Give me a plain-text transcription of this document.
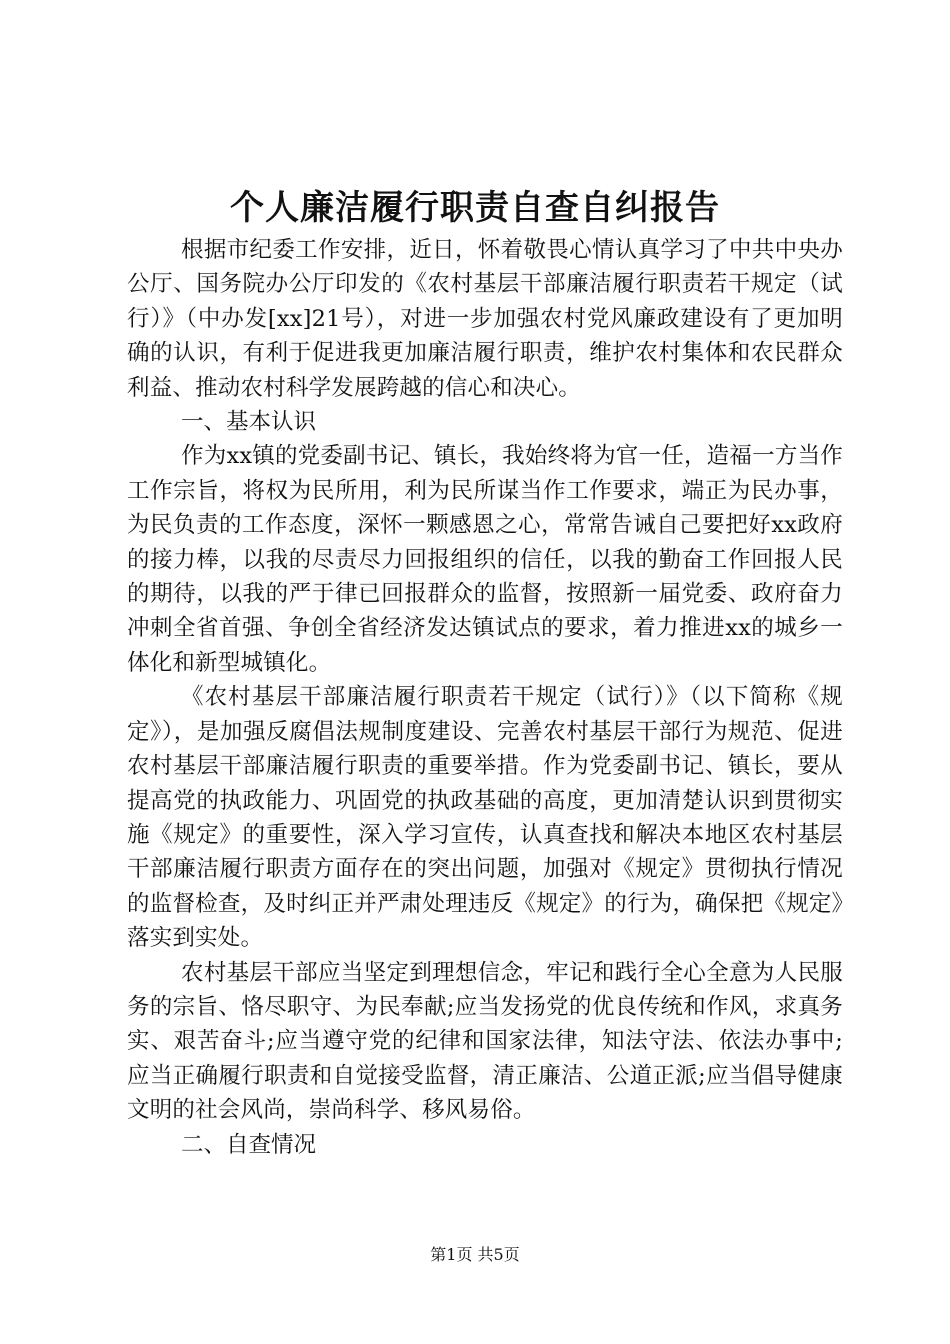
个人廉洁履行职责自查自纠报告

根据市纪委工作安排，近日，怀着敬畏心情认真学习了中共中央办公厅、国务院办公厅印发的《农村基层干部廉洁履行职责若干规定（试行）》（中办发[xx]21号），对进一步加强农村党风廉政建设有了更加明确的认识，有利于促进我更加廉洁履行职责，维护农村集体和农民群众利益、推动农村科学发展跨越的信心和决心。

一、基本认识

作为xx镇的党委副书记、镇长，我始终将为官一任，造福一方当作工作宗旨，将权为民所用，利为民所谋当作工作要求，端正为民办事，为民负责的工作态度，深怀一颗感恩之心，常常告诫自己要把好xx政府的接力棒，以我的尽责尽力回报组织的信任，以我的勤奋工作回报人民的期待，以我的严于律已回报群众的监督，按照新一届党委、政府奋力冲刺全省首强、争创全省经济发达镇试点的要求，着力推进xx的城乡一体化和新型城镇化。

《农村基层干部廉洁履行职责若干规定（试行）》（以下简称《规定》），是加强反腐倡法规制度建设、完善农村基层干部行为规范、促进农村基层干部廉洁履行职责的重要举措。作为党委副书记、镇长，要从提高党的执政能力、巩固党的执政基础的高度，更加清楚认识到贯彻实施《规定》的重要性，深入学习宣传，认真查找和解决本地区农村基层干部廉洁履行职责方面存在的突出问题，加强对《规定》贯彻执行情况的监督检查，及时纠正并严肃处理违反《规定》的行为，确保把《规定》落实到实处。

农村基层干部应当坚定到理想信念，牢记和践行全心全意为人民服务的宗旨、恪尽职守、为民奉献;应当发扬党的优良传统和作风，求真务实、艰苦奋斗;应当遵守党的纪律和国家法律，知法守法、依法办事中;应当正确履行职责和自觉接受监督，清正廉洁、公道正派;应当倡导健康文明的社会风尚，崇尚科学、移风易俗。

二、自查情况

第1页 共5页
